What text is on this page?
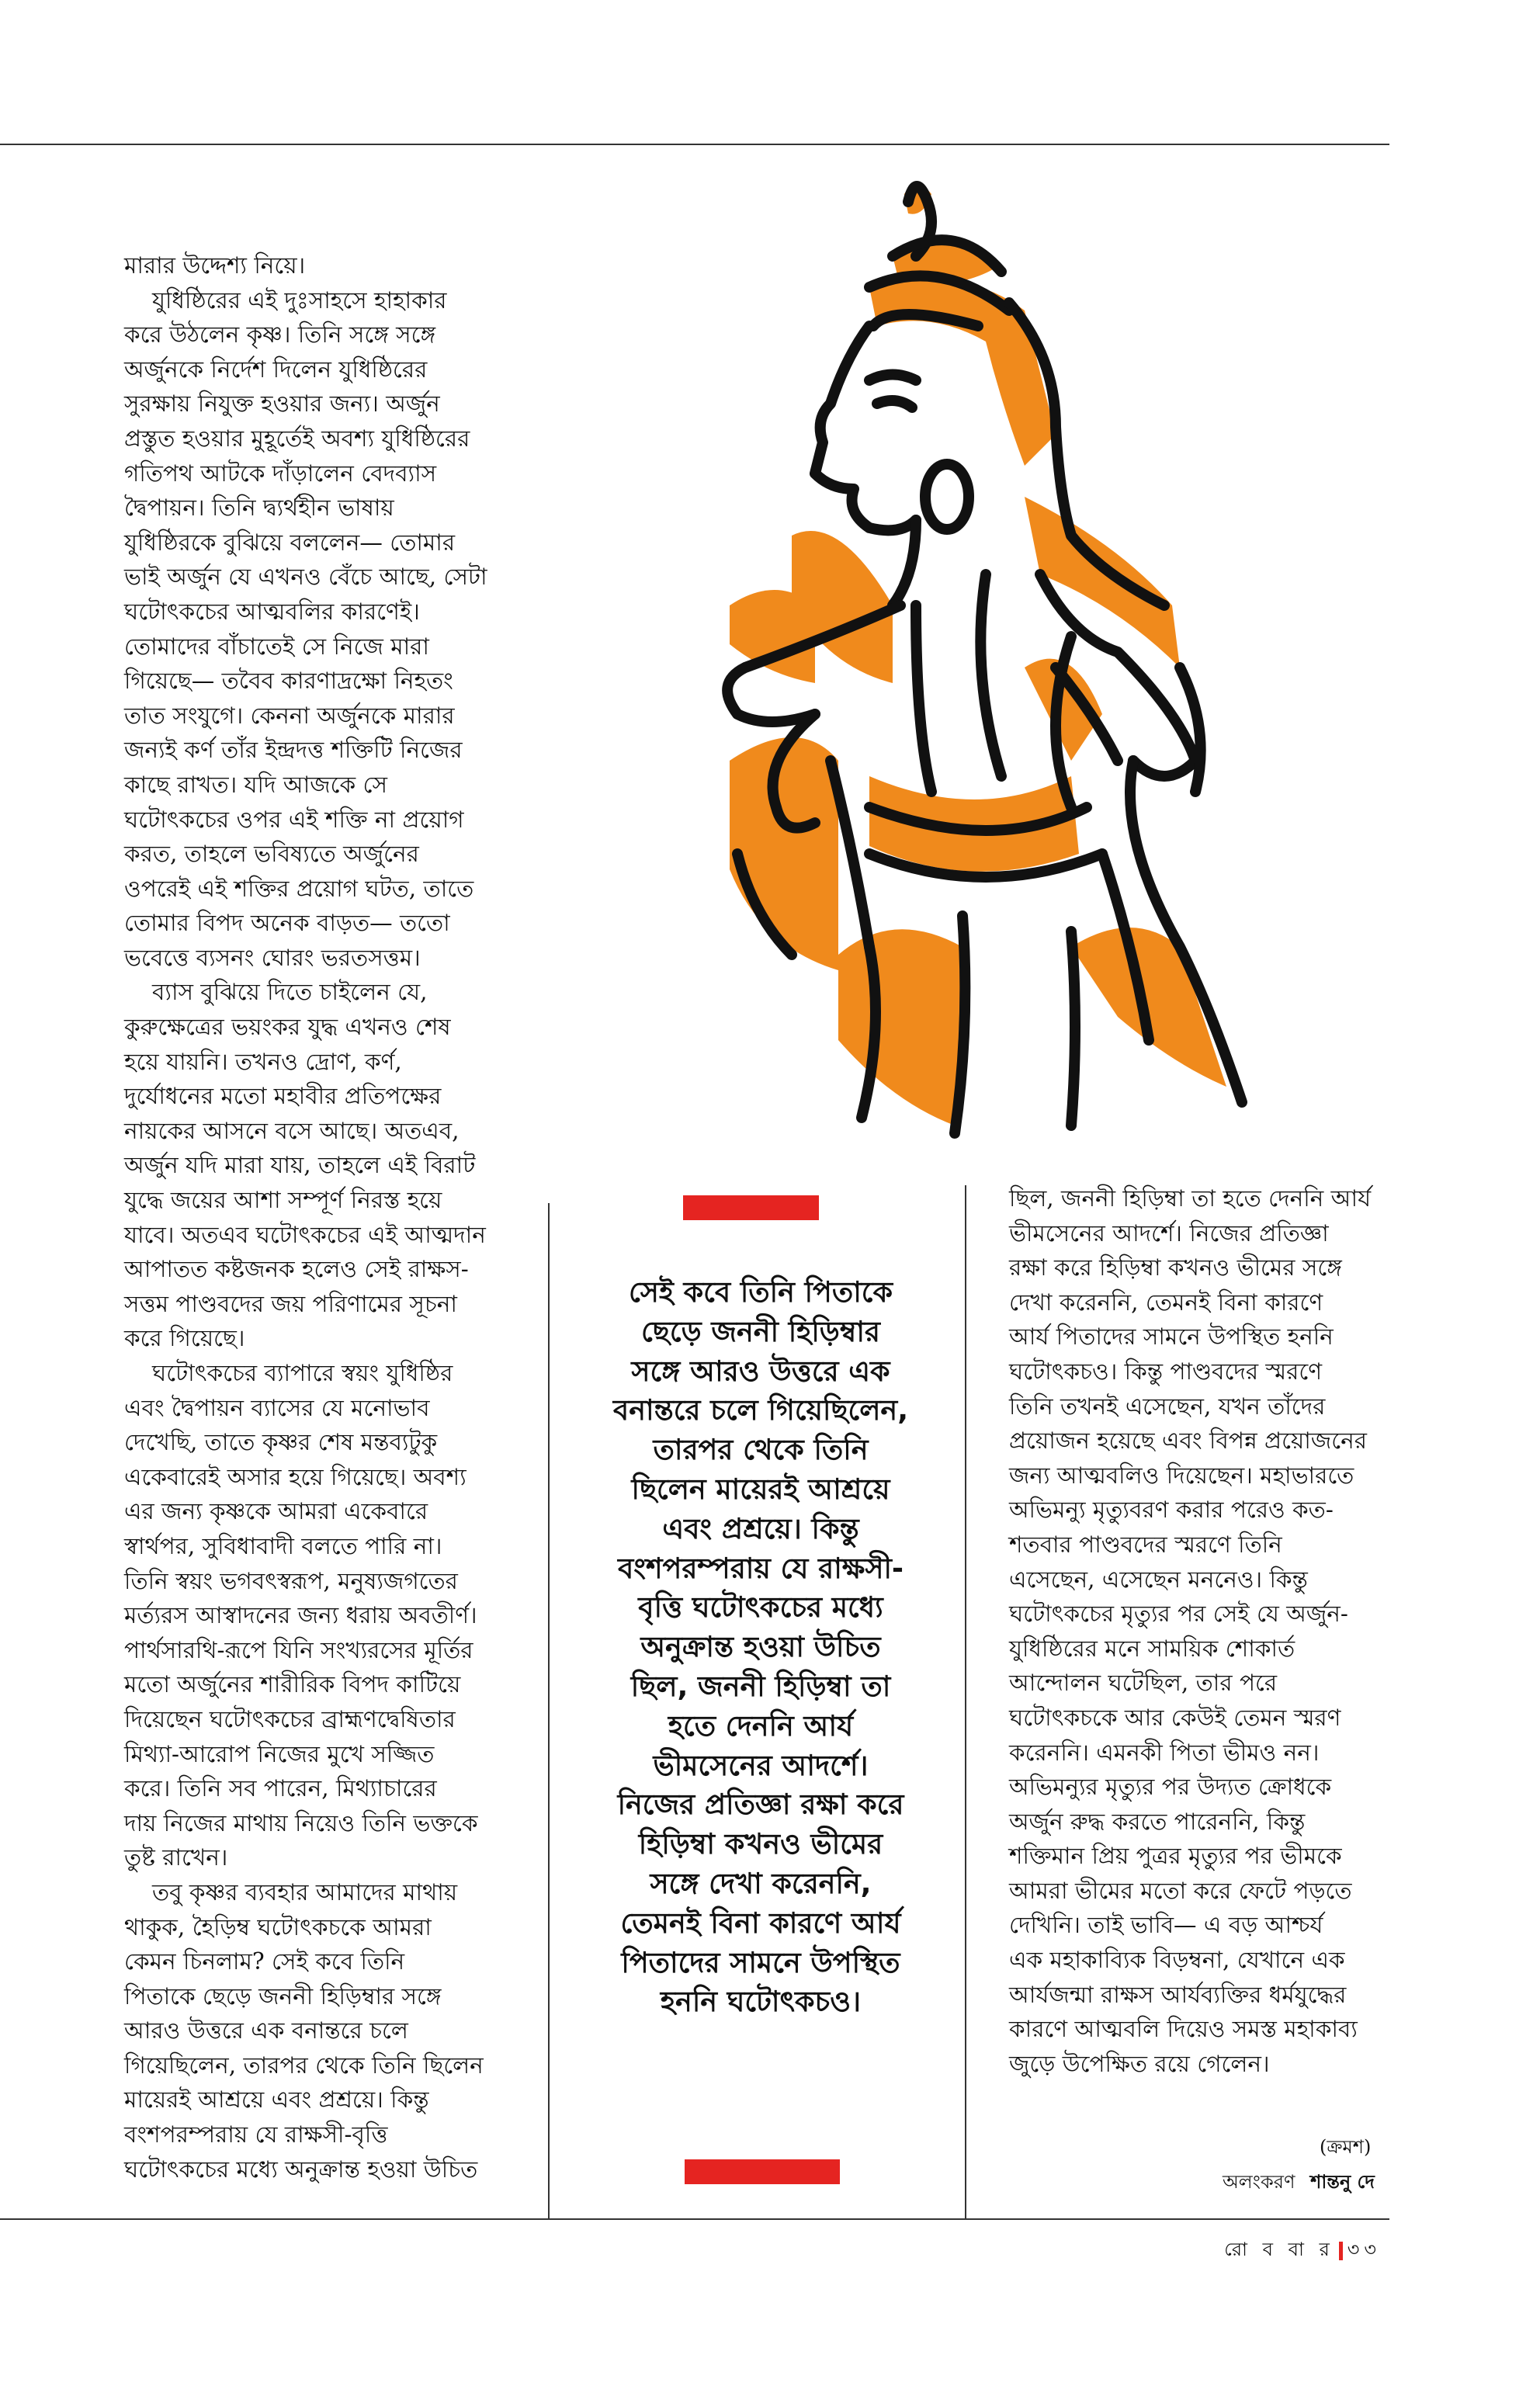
মারার উদ্দেশ্য নিয়ে।

যুধিষ্ঠিরের এই দুঃসাহসে হাহাকার

করে উঠলেন কৃষ্ণ। তিনি সঙ্গে সঙ্গে

অর্জুনকে নির্দেশ দিলেন যুধিষ্ঠিরের

সুরক্ষায় নিযুক্ত হওয়ার জন্য। অর্জুন

প্রস্তুত হওয়ার মুহূর্তেই অবশ্য যুধিষ্ঠিরের

গতিপথ আটকে দাঁড়ালেন বেদব্যাস

দ্বৈপায়ন। তিনি দ্ব্যর্থহীন ভাষায়

যুধিষ্ঠিরকে বুঝিয়ে বললেন— তোমার

ভাই অর্জুন যে এখনও বেঁচে আছে, সেটা

ঘটোৎকচের আত্মবলির কারণেই।

তোমাদের বাঁচাতেই সে নিজে মারা

গিয়েছে— তবৈব কারণাদ্রক্ষো নিহতং

তাত সংযুগে। কেননা অর্জুনকে মারার

জন্যই কর্ণ তাঁর ইন্দ্রদত্ত শক্তিটি নিজের

কাছে রাখত। যদি আজকে সে

ঘটোৎকচের ওপর এই শক্তি না প্রয়োগ

করত, তাহলে ভবিষ্যতে অর্জুনের

ওপরেই এই শক্তির প্রয়োগ ঘটত, তাতে

তোমার বিপদ অনেক বাড়ত— ততো

ভবেত্তে ব্যসনং ঘোরং ভরতসত্তম।

ব্যাস বুঝিয়ে দিতে চাইলেন যে,

কুরুক্ষেত্রের ভয়ংকর যুদ্ধ এখনও শেষ

হয়ে যায়নি। তখনও দ্রোণ, কর্ণ,

দুর্যোধনের মতো মহাবীর প্রতিপক্ষের

নায়কের আসনে বসে আছে। অতএব,

অর্জুন যদি মারা যায়, তাহলে এই বিরাট

যুদ্ধে জয়ের আশা সম্পূর্ণ নিরস্ত হয়ে

যাবে। অতএব ঘটোৎকচের এই আত্মদান

আপাতত কষ্টজনক হলেও সেই রাক্ষস-

সত্তম পাণ্ডবদের জয় পরিণামের সূচনা

করে গিয়েছে।

ঘটোৎকচের ব্যাপারে স্বয়ং যুধিষ্ঠির

এবং দ্বৈপায়ন ব্যাসের যে মনোভাব

দেখেছি, তাতে কৃষ্ণর শেষ মন্তব্যটুকু

একেবারেই অসার হয়ে গিয়েছে। অবশ্য

এর জন্য কৃষ্ণকে আমরা একেবারে

স্বার্থপর, সুবিধাবাদী বলতে পারি না।

তিনি স্বয়ং ভগবৎস্বরূপ, মনুষ্যজগতের

মর্ত্যরস আস্বাদনের জন্য ধরায় অবতীর্ণ।

পার্থসারথি-রূপে যিনি সংখ্যরসের মূর্তির

মতো অর্জুনের শারীরিক বিপদ কাটিয়ে

দিয়েছেন ঘটোৎকচের ব্রাহ্মণদ্বেষিতার

মিথ্যা-আরোপ নিজের মুখে সজ্জিত

করে। তিনি সব পারেন, মিথ্যাচারের

দায় নিজের মাথায় নিয়েও তিনি ভক্তকে

তুষ্ট রাখেন।

তবু কৃষ্ণর ব্যবহার আমাদের মাথায়

থাকুক, হৈড়িম্ব ঘটোৎকচকে আমরা

কেমন চিনলাম? সেই কবে তিনি

পিতাকে ছেড়ে জননী হিড়িম্বার সঙ্গে

আরও উত্তরে এক বনান্তরে চলে

গিয়েছিলেন, তারপর থেকে তিনি ছিলেন

মায়েরই আশ্রয়ে এবং প্রশ্রয়ে। কিন্তু

বংশপরম্পরায় যে রাক্ষসী-বৃত্তি

ঘটোৎকচের মধ্যে অনুক্রান্ত হওয়া উচিত

সেই কবে তিনি পিতাকে

ছেড়ে জননী হিড়িম্বার

সঙ্গে আরও উত্তরে এক

বনান্তরে চলে গিয়েছিলেন,

তারপর থেকে তিনি

ছিলেন মায়েরই আশ্রয়ে

এবং প্রশ্রয়ে। কিন্তু

বংশপরম্পরায় যে রাক্ষসী-

বৃত্তি ঘটোৎকচের মধ্যে

অনুক্রান্ত হওয়া উচিত

ছিল, জননী হিড়িম্বা তা

হতে দেননি আর্য

ভীমসেনের আদর্শে।

নিজের প্রতিজ্ঞা রক্ষা করে

হিড়িম্বা কখনও ভীমের

সঙ্গে দেখা করেননি,

তেমনই বিনা কারণে আর্য

পিতাদের সামনে উপস্থিত

হননি ঘটোৎকচও।

ছিল, জননী হিড়িম্বা তা হতে দেননি আর্য

ভীমসেনের আদর্শে। নিজের প্রতিজ্ঞা

রক্ষা করে হিড়িম্বা কখনও ভীমের সঙ্গে

দেখা করেননি, তেমনই বিনা কারণে

আর্য পিতাদের সামনে উপস্থিত হননি

ঘটোৎকচও। কিন্তু পাণ্ডবদের স্মরণে

তিনি তখনই এসেছেন, যখন তাঁদের

প্রয়োজন হয়েছে এবং বিপন্ন প্রয়োজনের

জন্য আত্মবলিও দিয়েছেন। মহাভারতে

অভিমন্যু মৃত্যুবরণ করার পরেও কত-

শতবার পাণ্ডবদের স্মরণে তিনি

এসেছেন, এসেছেন মননেও। কিন্তু

ঘটোৎকচের মৃত্যুর পর সেই যে অর্জুন-

যুধিষ্ঠিরের মনে সাময়িক শোকার্ত

আন্দোলন ঘটেছিল, তার পরে

ঘটোৎকচকে আর কেউই তেমন স্মরণ

করেননি। এমনকী পিতা ভীমও নন।

অভিমন্যুর মৃত্যুর পর উদ্যত ক্রোধকে

অর্জুন রুদ্ধ করতে পারেননি, কিন্তু

শক্তিমান প্রিয় পুত্রর মৃত্যুর পর ভীমকে

আমরা ভীমের মতো করে ফেটে পড়তে

দেখিনি। তাই ভাবি— এ বড় আশ্চর্য

এক মহাকাব্যিক বিড়ম্বনা, যেখানে এক

আর্যজন্মা রাক্ষস আর্যব্যক্তির ধর্মযুদ্ধের

কারণে আত্মবলি দিয়েও সমস্ত মহাকাব্য

জুড়ে উপেক্ষিত রয়ে গেলেন।

(ক্রমশ)
অলংকরণ শান্তনু দে
রো ব বা র ৩৩
